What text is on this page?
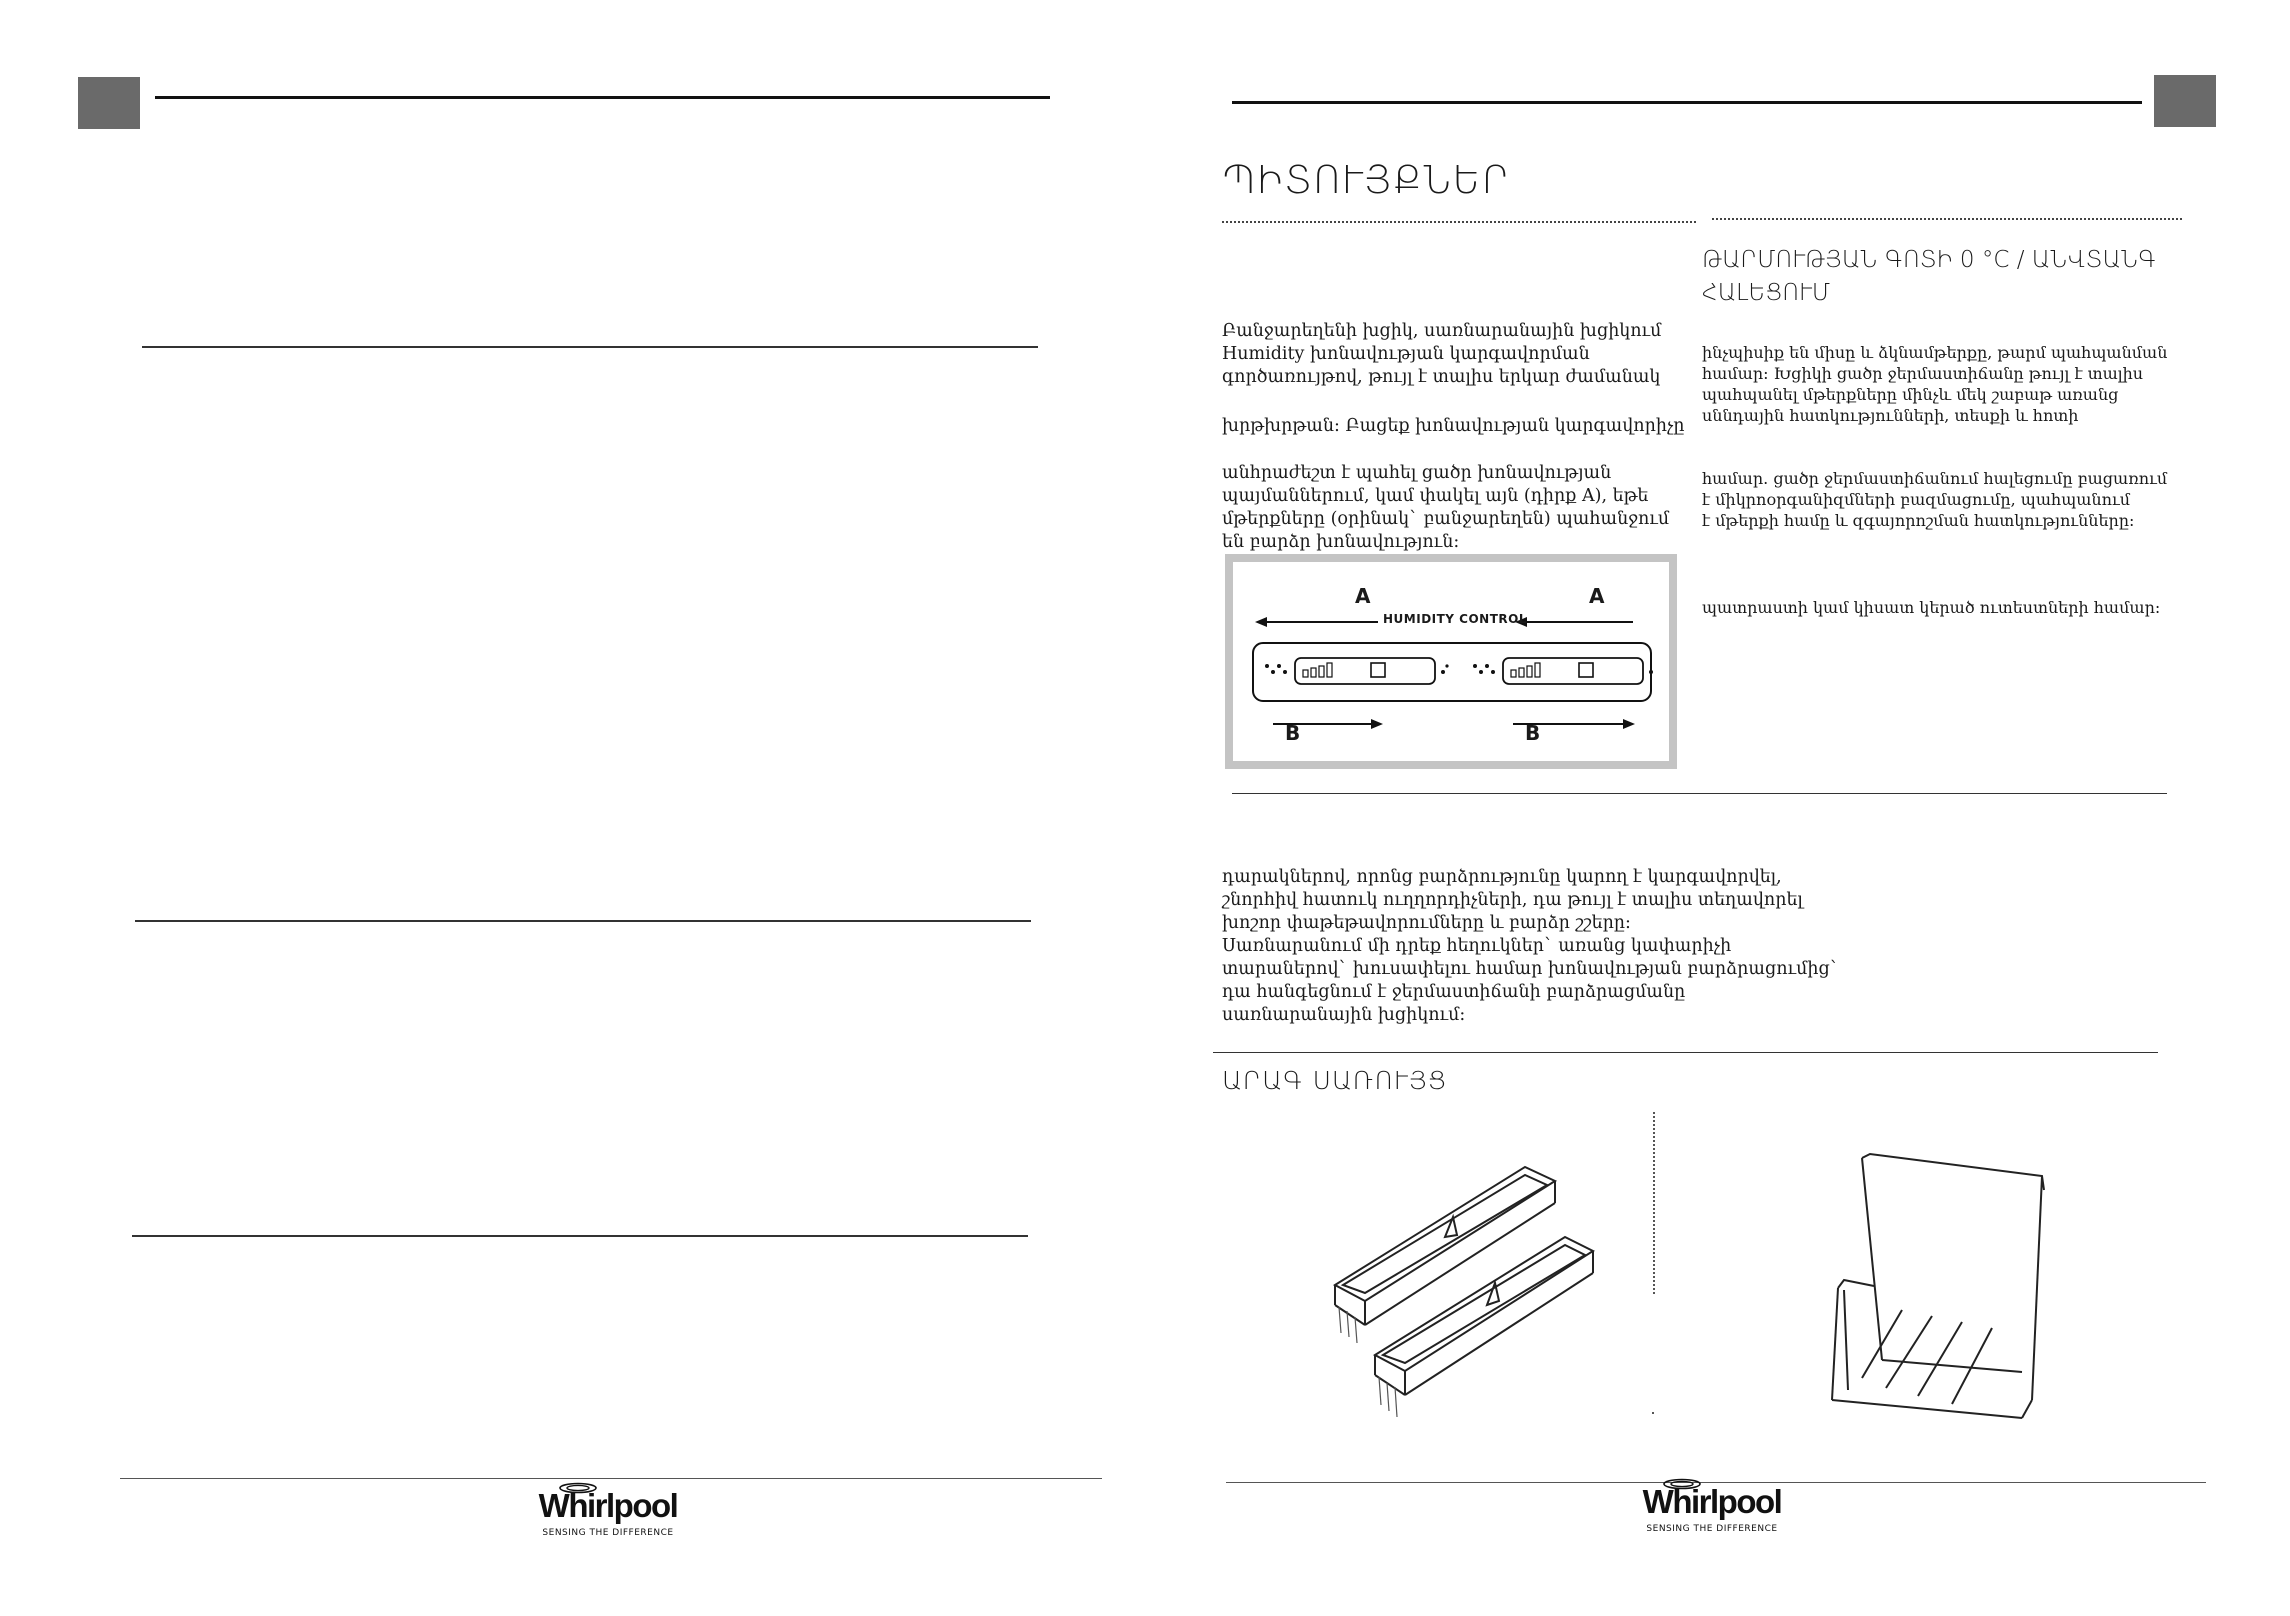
Whirlpool
SENSING THE DIFFERENCE
ՊԻՏՈՒՅՔՆԵՐ
Բանջարեղենի խցիկ, սառնարանային խցիկում
Humidity խոնավության կարգավորման
գործառույթով, թույլ է տալիս երկար ժամանակ
խրթխրթան: Բացեք խոնավության կարգավորիչը
անհրաժեշտ է պահել ցածր խոնավության
պայմաններում, կամ փակել այն (դիրք A), եթե
մթերքները (օրինակ` բանջարեղեն) պահանջում
են բարձր խոնավություն:
A	A
HUMIDITY CONTROL
B	B
ԹԱՐՄՈՒԹՅԱՆ ԳՈՏԻ 0 °C / ԱՆՎՏԱՆԳ ՀԱԼԵՑՈՒՄ
ինչպիսիք են միսը և ձկնամթերքը, թարմ պահպանման
համար: Խցիկի ցածր ջերմաստիճանը թույլ է տալիս
պահպանել մթերքները մինչև մեկ շաբաթ առանց
սննդային հատկությունների, տեսքի և հոտի
համար. ցածր ջերմաստիճանում հալեցումը բացառում
է միկրոօրգանիզմների բազմացումը, պահպանում
է մթերքի համը և զգայորոշման հատկությունները:
պատրաստի կամ կիսատ կերած ուտեստների համար:
դարակներով, որոնց բարձրությունը կարող է կարգավորվել,
շնորհիվ հատուկ ուղղորդիչների, դա թույլ է տալիս տեղավորել
խոշոր փաթեթավորումները և բարձր շշերը:
Սառնարանում մի դրեք հեղուկներ` առանց կափարիչի
տարաներով` խուսափելու համար խոնավության բարձրացումից`
դա հանգեցնում է ջերմաստիճանի բարձրացմանը
սառնարանային խցիկում:
ԱՐԱԳ ՍԱՌՈՒՅՑ
Whirlpool
SENSING THE DIFFERENCE
